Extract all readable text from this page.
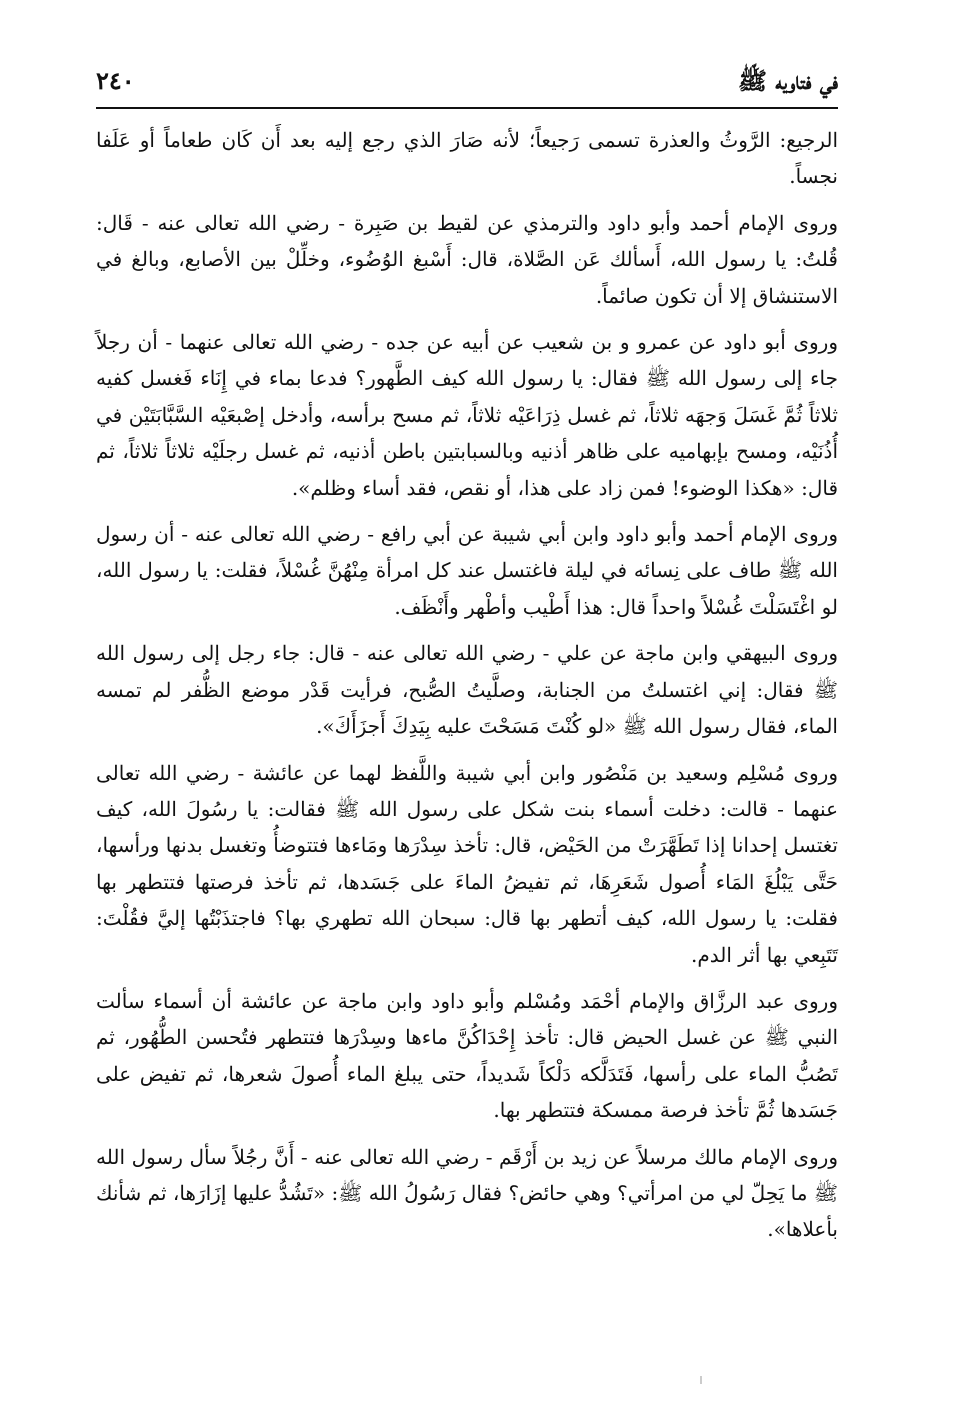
في فتاويه ﷺ
٢٤٠

الرجيع: الرَّوثُ والعذرة تسمى رَجيعاً؛ لأنه صَارَ الذي رجع إليه بعد أَن كَان طعاماً أو عَلَفا نجساً.

وروى الإمام أحمد وأبو داود والترمذي عن لقيط بن صَبِرة - رضي الله تعالى عنه - قَال: قُلتُ: يا رسول الله، أَسألك عَن الصَّلاة، قال: أَسْبغ الوُضُوء، وخلِّلْ بين الأصابع، وبالغ في الاستنشاق إلا أن تكون صائماً.

وروى أبو داود عن عمرو و بن شعيب عن أبيه عن جده - رضي الله تعالى عنهما - أن رجلاً جاء إلى رسول الله ﷺ فقال: يا رسول الله كيف الطَّهور؟ فدعا بماء في إِنَاء فَغسل كفيه ثلاثاً ثُمَّ غَسَلَ وَجهَه ثلاثاً، ثم غسل ذِرَاعَيْه ثلاثاً، ثم مسح برأسه، وأدخل إصْبعَيْه السَّبَّابَتَيْن في أُذُنَيْه، ومسح بإبهاميه على ظاهر أذنيه وبالسبابتين باطن أذنيه، ثم غسل رجلَيْه ثلاثاً ثلاثاً، ثم قال: «هكذا الوضوء! فمن زاد على هذا، أو نقص، فقد أساء وظلم».

وروى الإمام أحمد وأبو داود وابن أبي شيبة عن أبي رافع - رضي الله تعالى عنه - أن رسول الله ﷺ طاف على نِسائه في ليلة فاغتسل عند كل امرأة مِنْهُنَّ غُسْلاً، فقلت: يا رسول الله، لو اغْتَسَلْتَ غُسْلاً واحداً قال: هذا أَطْيب وأطْهر وأَنْظَف.

وروى البيهقي وابن ماجة عن علي - رضي الله تعالى عنه - قال: جاء رجل إلى رسول الله ﷺ فقال: إني اغتسلتُ من الجنابة، وصلَّيتُ الصُّبح، فرأيت قَدْر موضع الظُّفر لم تمسه الماء، فقال رسول الله ﷺ «لو كُنْتَ مَسَحْتَ عليه بِيَدِكَ أَجزَأَكَ».

وروى مُسْلِم وسعيد بن مَنْصُور وابن أبي شيبة واللَّفظ لهما عن عائشة - رضي الله تعالى عنهما - قالت: دخلت أسماء بنت شكل على رسول الله ﷺ فقالت: يا رسُولَ الله، كيف تغتسل إحدانا إذا تَطَهَّرَتْ من الحَيْض، قال: تأخذ سِدْرَها ومَاءها فتتوضأُ وتغسل بدنها ورأسها، حَتَّى يَبْلُغَ المَاء أُصول شَعَرِهَا، ثم تفيضُ الماءَ على جَسَدها، ثم تأخذ فرصتها فتتطهر بها فقلت: يا رسول الله، كيف أتطهر بها قال: سبحان الله تطهري بها؟ فاجتذَبْتُها إليَّ فقُلْتَ: تَتَبِعي بها أثر الدم.

وروى عبد الرزَّاق والإمام أحْمَد ومُسْلم وأبو داود وابن ماجة عن عائشة أن أسماء سألت النبي ﷺ عن غسل الحيض قال: تأخذ إِحْدَاكُنَّ ماءها وسِدْرَها فتتطهر فتُحسن الطُّهُور، ثم تَصُبُّ الماء على رأسها، فَتَدَلَّكه دَلْكاً شَديداً، حتى يبلغ الماء أُصولَ شعرها، ثم تفيض على جَسَدها ثُمَّ تأخذ فرصة ممسكة فتتطهر بها.

وروى الإمام مالك مرسلاً عن زيد بن أَرْقَم - رضي الله تعالى عنه - أَنَّ رجُلاً سأل رسول الله ﷺ ما يَحِلّ لي من امرأتي؟ وهي حائض؟ فقال رَسُولُ الله ﷺ: «تَشُدُّ عليها إزَارَها، ثم شأنك بأعلاها».
